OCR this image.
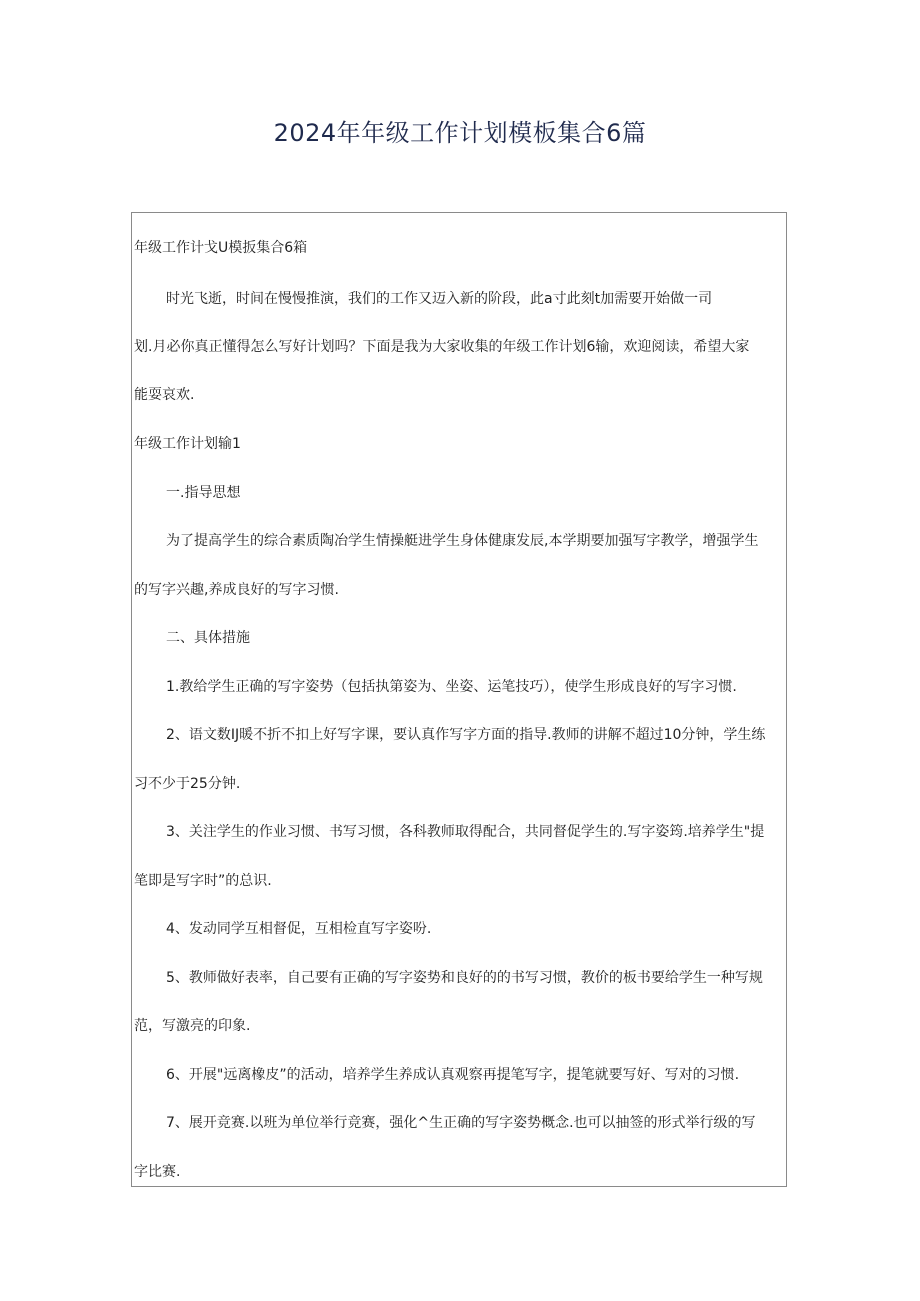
2024年年级工作计划模板集合6篇
年级工作计戈U模扳集合6箱
时光飞逝，时间在慢慢推演，我们的工作又迈入新的阶段，此a寸此刻t加需要开始做一司
划.月必你真正懂得怎么写好计划吗？下面是我为大家收集的年级工作计划6输，欢迎阅读，希望大家
能耍哀欢.
年级工作计划输1
一.指导思想
为了提高学生的综合素质陶冶学生情操艇进学生身体健康发辰,本学期要加强写字教学，增强学生
的写字兴趣,养成良好的写字习惯.
二、具体措施
1.教给学生正确的写字姿势（包括执第姿为、坐姿、运笔技巧），使学生形成良好的写字习惯.
2、语文数IJ暖不折不扣上好写字课，要认真作写字方面的指导.教师的讲解不超过10分钟，学生练
习不少于25分钟.
3、关注学生的作业习惯、书写习惯，各科教师取得配合，共同督促学生的.写字姿筠.培养学生"提
笔即是写字时”的总识.
4、发动同学互相督促，互相检直写字姿吩.
5、教师做好表率，自己要有正确的写字姿势和良好的的书写习惯，教价的板书要给学生一种写规
范，写激亮的印象.
6、开展"远离橡皮”的活动，培养学生养成认真观察再提笔写字，提笔就要写好、写对的习惯.
7、展开竞赛.以班为单位举行竞赛，强化^生正确的写字姿势概念.也可以抽签的形式举行级的写
字比赛.
